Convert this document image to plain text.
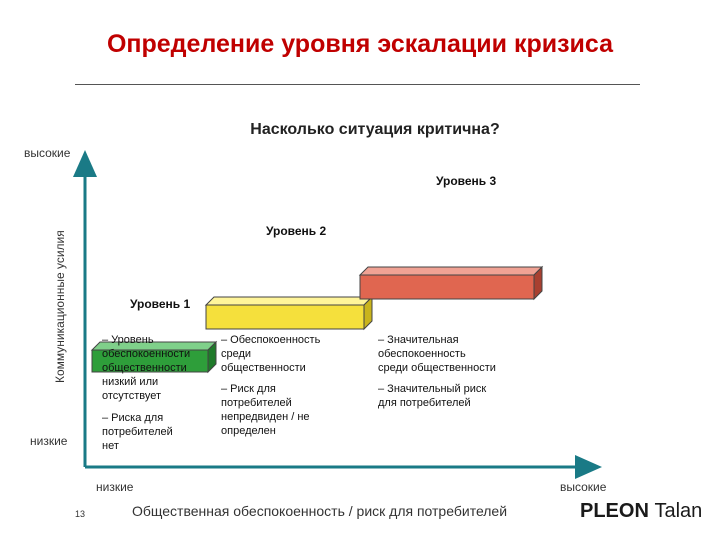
Определение уровня эскалации кризиса
Насколько ситуация критична?
высокие
низкие
Коммуникационные усилия
низкие	высокие
Общественная обеспокоенность / риск для потребителей
Уровень 1
Уровень 2
Уровень 3
– Уровень
обеспокоенности
общественности
низкий или
отсутствует
– Риска для
потребителей
нет
– Обеспокоенность
среди
общественности
– Риск для
потребителей
непредвиден / не
определен
– Значительная
обеспокоенность
среди общественности
– Значительный риск
для потребителей
13	PLEON Talan
